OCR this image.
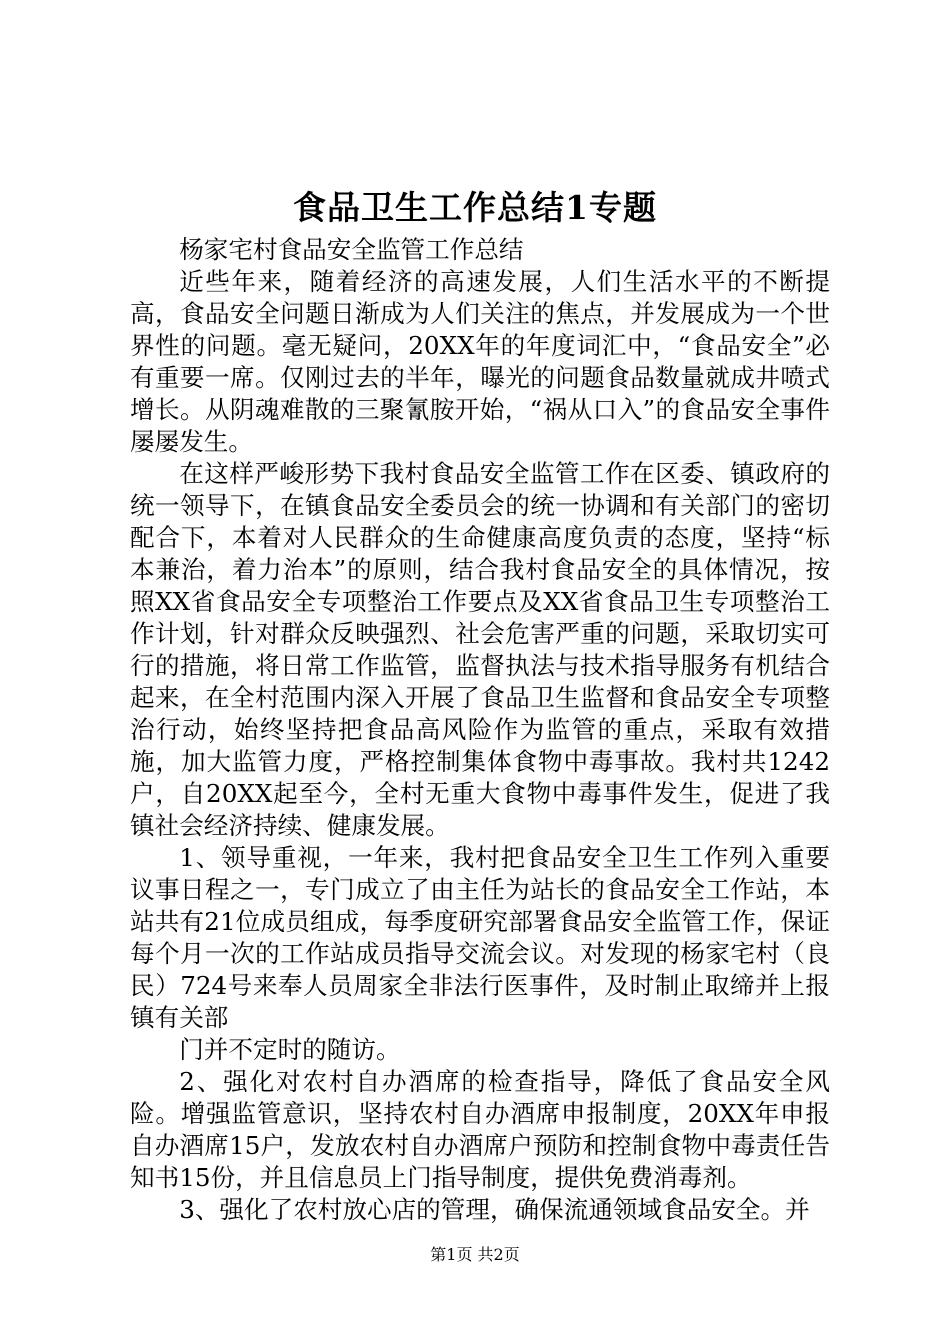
食品卫生工作总结1专题

杨家宅村食品安全监管工作总结

近些年来，随着经济的高速发展，人们生活水平的不断提高，食品安全问题日渐成为人们关注的焦点，并发展成为一个世界性的问题。毫无疑问，20XX年的年度词汇中，“食品安全”必有重要一席。仅刚过去的半年，曝光的问题食品数量就成井喷式增长。从阴魂难散的三聚氰胺开始，“祸从口入”的食品安全事件屡屡发生。

在这样严峻形势下我村食品安全监管工作在区委、镇政府的统一领导下，在镇食品安全委员会的统一协调和有关部门的密切配合下，本着对人民群众的生命健康高度负责的态度，坚持“标本兼治，着力治本”的原则，结合我村食品安全的具体情况，按照XX省食品安全专项整治工作要点及XX省食品卫生专项整治工作计划，针对群众反映强烈、社会危害严重的问题，采取切实可行的措施，将日常工作监管，监督执法与技术指导服务有机结合起来，在全村范围内深入开展了食品卫生监督和食品安全专项整治行动，始终坚持把食品高风险作为监管的重点，采取有效措施，加大监管力度，严格控制集体食物中毒事故。我村共1242户，自20XX起至今，全村无重大食物中毒事件发生，促进了我镇社会经济持续、健康发展。

1、领导重视，一年来，我村把食品安全卫生工作列入重要议事日程之一，专门成立了由主任为站长的食品安全工作站，本站共有21位成员组成，每季度研究部署食品安全监管工作，保证每个月一次的工作站成员指导交流会议。对发现的杨家宅村（良民）724号来奉人员周家全非法行医事件，及时制止取缔并上报镇有关部

门并不定时的随访。

2、强化对农村自办酒席的检查指导，降低了食品安全风险。增强监管意识，坚持农村自办酒席申报制度，20XX年申报自办酒席15户，发放农村自办酒席户预防和控制食物中毒责任告知书15份，并且信息员上门指导制度，提供免费消毒剂。

3、强化了农村放心店的管理，确保流通领域食品安全。并

第1页 共2页
